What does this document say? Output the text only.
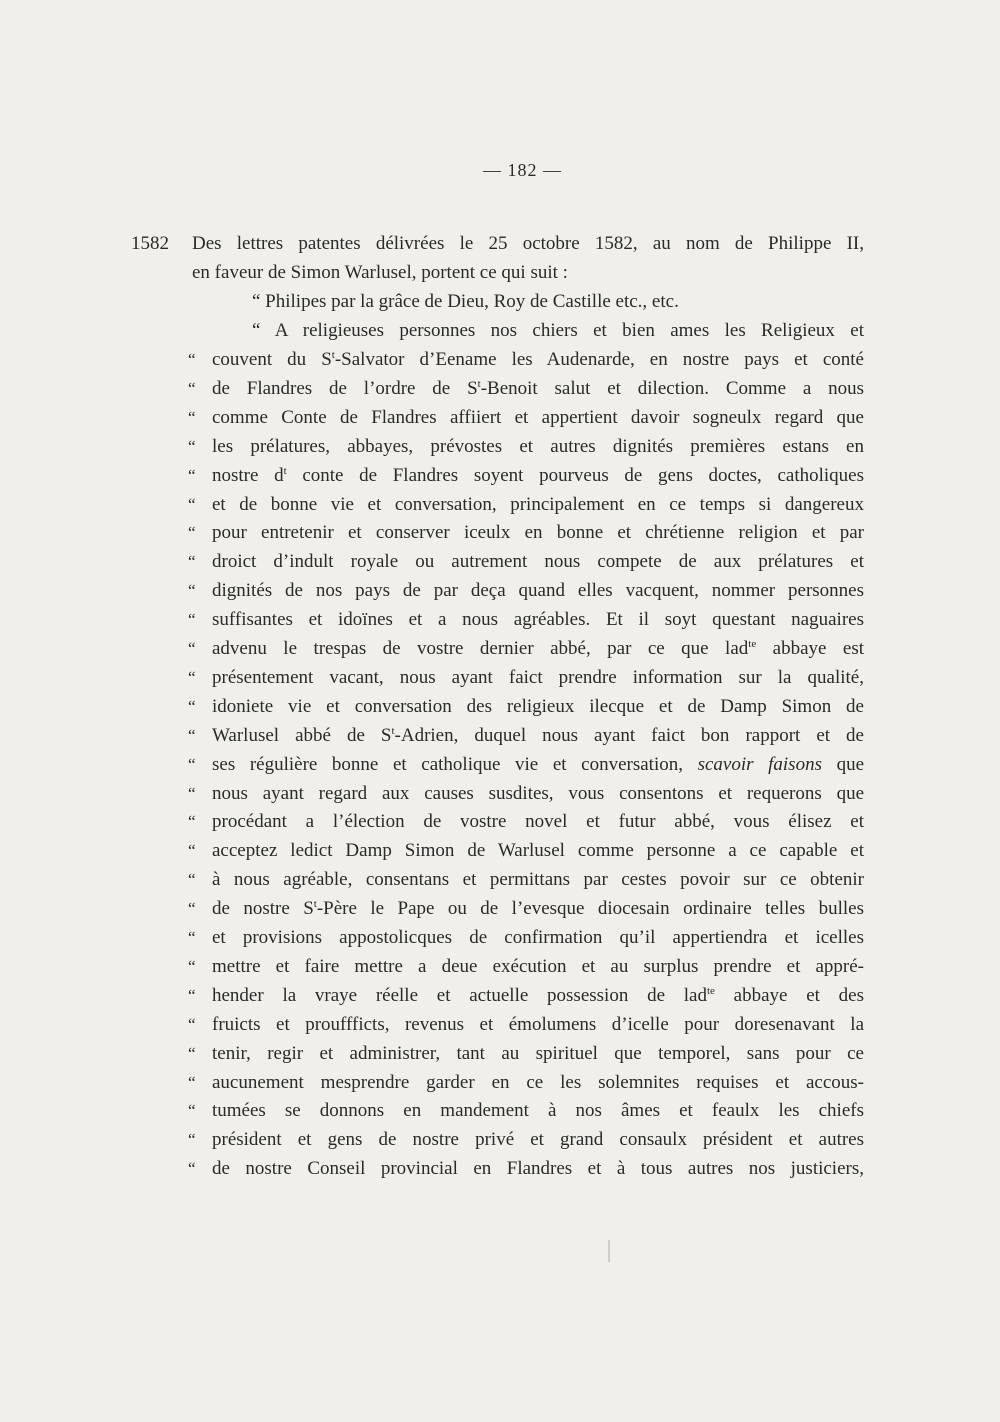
— 182 —
1582 Des lettres patentes délivrées le 25 octobre 1582, au nom de Philippe II,
en faveur de Simon Warlusel, portent ce qui suit :
“ Philipes par la grâce de Dieu, Roy de Castille etc., etc.
“ A religieuses personnes nos chiers et bien ames les Religieux et
“ couvent du $S^t$-Salvator d’Eename les Audenarde, en nostre pays et conté
“ de Flandres de l’ordre de $S^t$-Benoit salut et dilection. Comme a nous
“ comme Conte de Flandres affiiert et appertient davoir sogneulx regard que
“ les prélatures, abbayes, prévostes et autres dignités premières estans en
“ nostre $d^t$ conte de Flandres soyent pourveus de gens doctes, catholiques
“ et de bonne vie et conversation, principalement en ce temps si dangereux
“ pour entretenir et conserver iceulx en bonne et chrétienne religion et par
“ droict d’indult royale ou autrement nous compete de aux prélatures et
“ dignités de nos pays de par deça quand elles vacquent, nommer personnes
“ suffisantes et idoïnes et a nous agréables. Et il soyt questant naguaires
“ advenu le trespas de vostre dernier abbé, par ce que lad$^{te}$ abbaye est
“ présentement vacant, nous ayant faict prendre information sur la qualité,
“ idoniete vie et conversation des religieux ilecque et de Damp Simon de
“ Warlusel abbé de $S^t$-Adrien, duquel nous ayant faict bon rapport et de
“ ses régulière bonne et catholique vie et conversation, scavoir faisons que
“ nous ayant regard aux causes susdites, vous consentons et requerons que
“ procédant a l’élection de vostre novel et futur abbé, vous élisez et
“ acceptez ledict Damp Simon de Warlusel comme personne a ce capable et
“ à nous agréable, consentans et permittans par cestes povoir sur ce obtenir
“ de nostre $S^t$-Père le Pape ou de l’evesque diocesain ordinaire telles bulles
“ et provisions appostolicques de confirmation qu’il appertiendra et icelles
“ mettre et faire mettre a deue exécution et au surplus prendre et appré-
“ hender la vraye réelle et actuelle possession de lad$^{te}$ abbaye et des
“ fruicts et prouffficts, revenus et émolumens d’icelle pour doresenavant la
“ tenir, regir et administrer, tant au spirituel que temporel, sans pour ce
“ aucunement mesprendre garder en ce les solemnites requises et accous-
“ tumées se donnons en mandement à nos âmes et feaulx les chiefs
“ président et gens de nostre privé et grand consaulx président et autres
“ de nostre Conseil provincial en Flandres et à tous autres nos justiciers,
